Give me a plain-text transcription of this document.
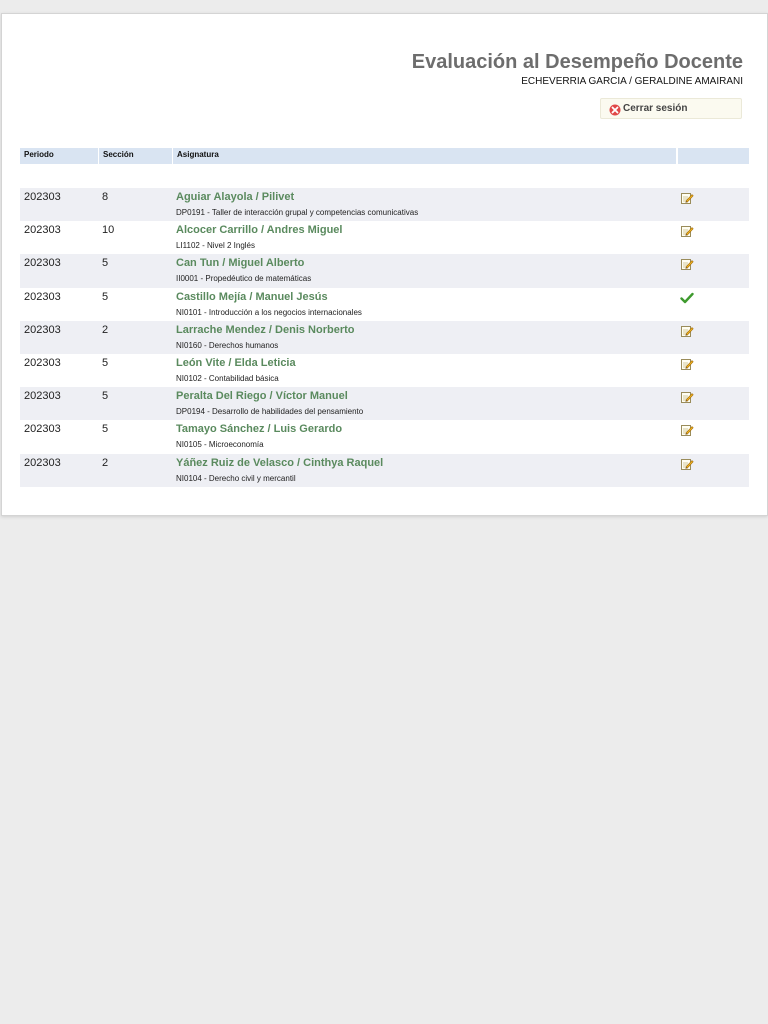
Evaluación al Desempeño Docente
ECHEVERRIA GARCIA / GERALDINE AMAIRANI
Cerrar sesión
Periodo	Sección	Asignatura
202303	8	Aguiar Alayola / Pilivet
DP0191 - Taller de interacción grupal y competencias comunicativas
202303	10	Alcocer Carrillo / Andres Miguel
LI1102 - Nivel 2 Inglés
202303	5	Can Tun / Miguel Alberto
II0001 - Propedéutico de matemáticas
202303	5	Castillo Mejía / Manuel Jesús
NI0101 - Introducción a los negocios internacionales
202303	2	Larrache Mendez / Denis Norberto
NI0160 - Derechos humanos
202303	5	León Vite / Elda Leticia
NI0102 - Contabilidad básica
202303	5	Peralta Del Riego / Víctor Manuel
DP0194 - Desarrollo de habilidades del pensamiento
202303	5	Tamayo Sánchez / Luis Gerardo
NI0105 - Microeconomía
202303	2	Yáñez Ruiz de Velasco / Cinthya Raquel
NI0104 - Derecho civil y mercantil
